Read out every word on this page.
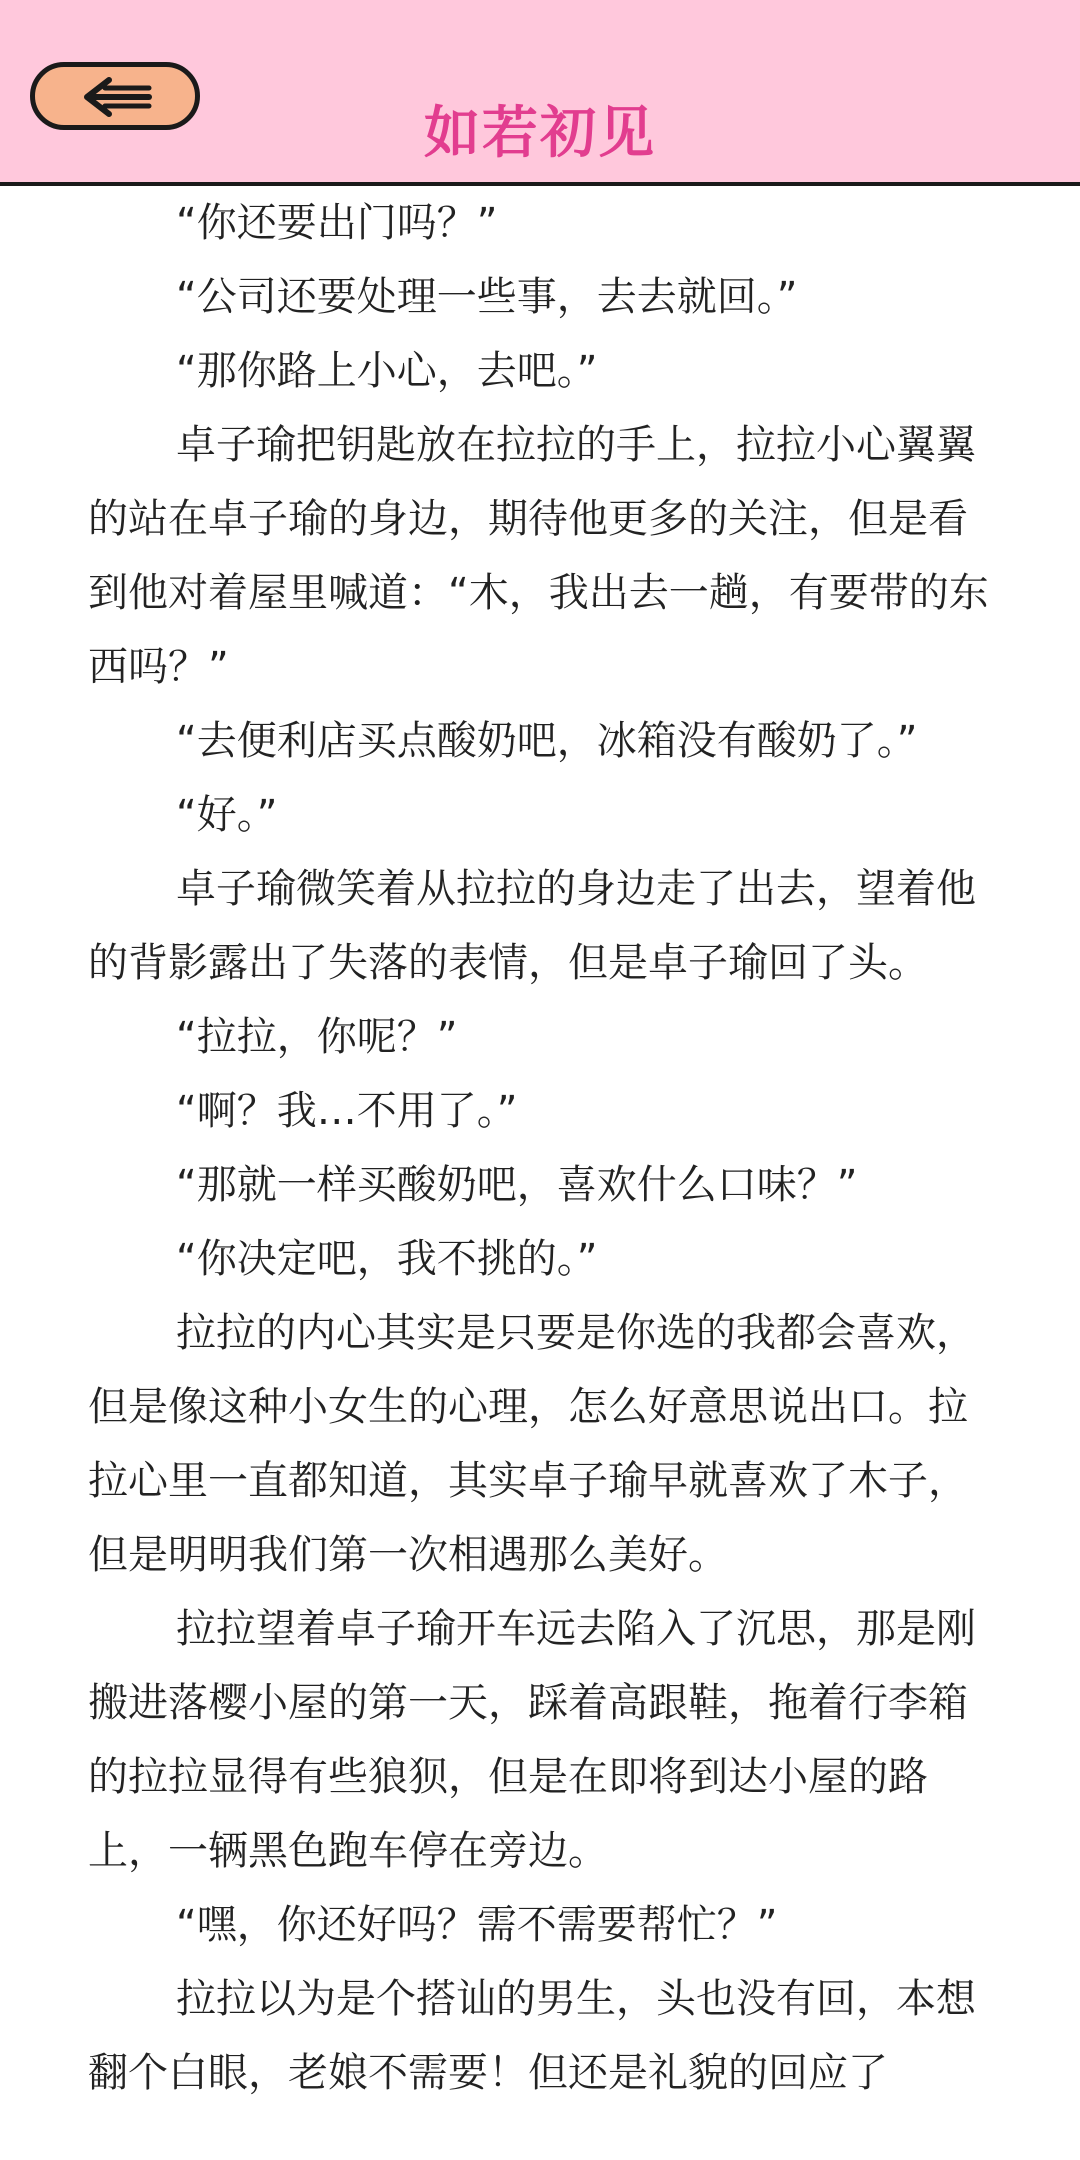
如若初见

“你还要出门吗？”

“公司还要处理一些事，去去就回。”

“那你路上小心，去吧。”

卓子瑜把钥匙放在拉拉的手上，拉拉小心翼翼的站在卓子瑜的身边，期待他更多的关注，但是看到他对着屋里喊道：“木，我出去一趟，有要带的东西吗？”

“去便利店买点酸奶吧，冰箱没有酸奶了。”

“好。”

卓子瑜微笑着从拉拉的身边走了出去，望着他的背影露出了失落的表情，但是卓子瑜回了头。

“拉拉，你呢？”

“啊？我…不用了。”

“那就一样买酸奶吧，喜欢什么口味？”

“你决定吧，我不挑的。”

拉拉的内心其实是只要是你选的我都会喜欢，但是像这种小女生的心理，怎么好意思说出口。拉拉心里一直都知道，其实卓子瑜早就喜欢了木子，但是明明我们第一次相遇那么美好。

拉拉望着卓子瑜开车远去陷入了沉思，那是刚搬进落樱小屋的第一天，踩着高跟鞋，拖着行李箱的拉拉显得有些狼狈，但是在即将到达小屋的路上，一辆黑色跑车停在旁边。

“嘿，你还好吗？需不需要帮忙？”

拉拉以为是个搭讪的男生，头也没有回，本想翻个白眼，老娘不需要！但还是礼貌的回应了
